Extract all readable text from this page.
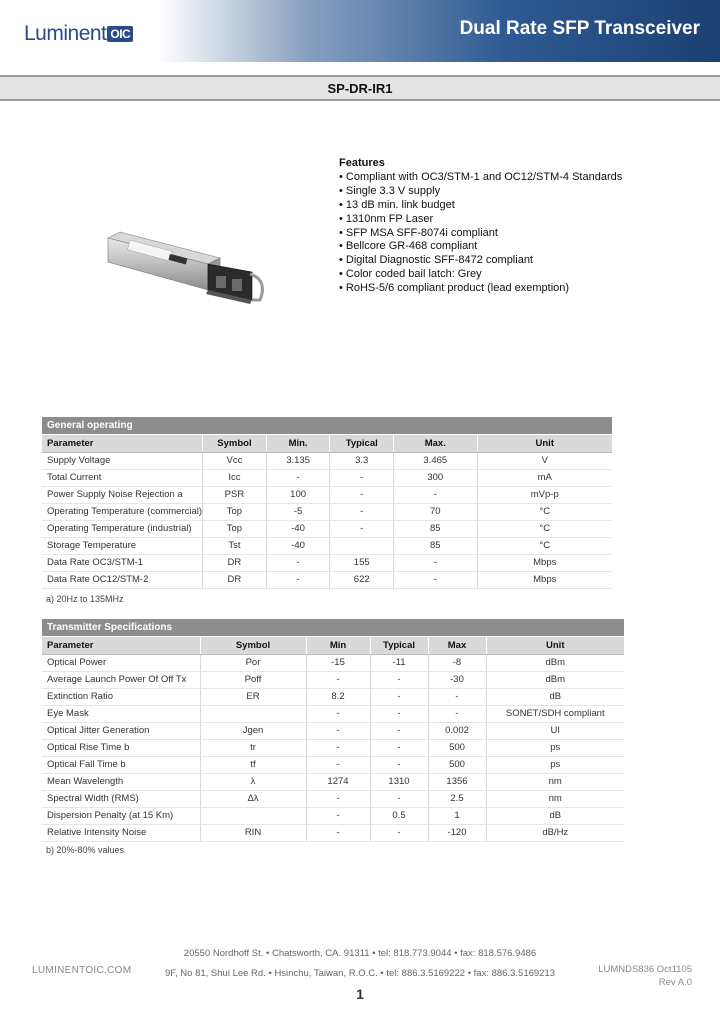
Luminent OIC	Dual Rate SFP Transceiver
SP-DR-IR1
Features
• Compliant with OC3/STM-1 and OC12/STM-4 Standards
• Single 3.3 V supply
• 13 dB min. link budget
• 1310nm FP Laser
• SFP MSA SFF-8074i compliant
• Bellcore GR-468 compliant
• Digital Diagnostic SFF-8472 compliant
• Color coded bail latch: Grey
• RoHS-5/6 compliant product (lead exemption)
General operating
Parameter	Symbol	Min.	Typical	Max.	Unit
Supply Voltage	Vcc	3.135	3.3	3.465	V
Total Current	Icc	-	-	300	mA
Power Supply Noise Rejection a	PSR	100	-	-	mVp-p
Operating Temperature (commercial)	Top	-5	-	70	°C
Operating Temperature (industrial)	Top	-40	-	85	°C
Storage Temperature	Tst	-40		85	°C
Data Rate OC3/STM-1	DR	-	155	-	Mbps
Data Rate OC12/STM-2	DR	-	622	-	Mbps
a) 20Hz to 135MHz
Transmitter Specifications
Parameter	Symbol	Min	Typical	Max	Unit
Optical Power	Por	-15	-11	-8	dBm
Average Launch Power Of Off Tx	Poff	-	-	-30	dBm
Extinction Ratio	ER	8.2	-	-	dB
Eye Mask		-	-	-	SONET/SDH compliant
Optical Jitter Generation	Jgen	-	-	0.002	UI
Optical Rise Time b	tr	-	-	500	ps
Optical Fall Time b	tf	-	-	500	ps
Mean Wavelength	λ	1274	1310	1356	nm
Spectral Width (RMS)	Δλ	-	-	2.5	nm
Dispersion Penalty (at 15 Km)		-	0.5	1	dB
Relative Intensity Noise	RIN	-	-	-120	dB/Hz
b) 20%-80% values
LUMINENTOIC.COM
20550 Nordhoff St. • Chatsworth, CA. 91311 • tel: 818.773.9044 • fax: 818.576.9486
9F, No 81, Shui Lee Rd. • Hsinchu, Taiwan, R.O.C. • tel: 886.3.5169222 • fax: 886.3.5169213	LUMNDS836 Oct1105
Rev A.0
1
